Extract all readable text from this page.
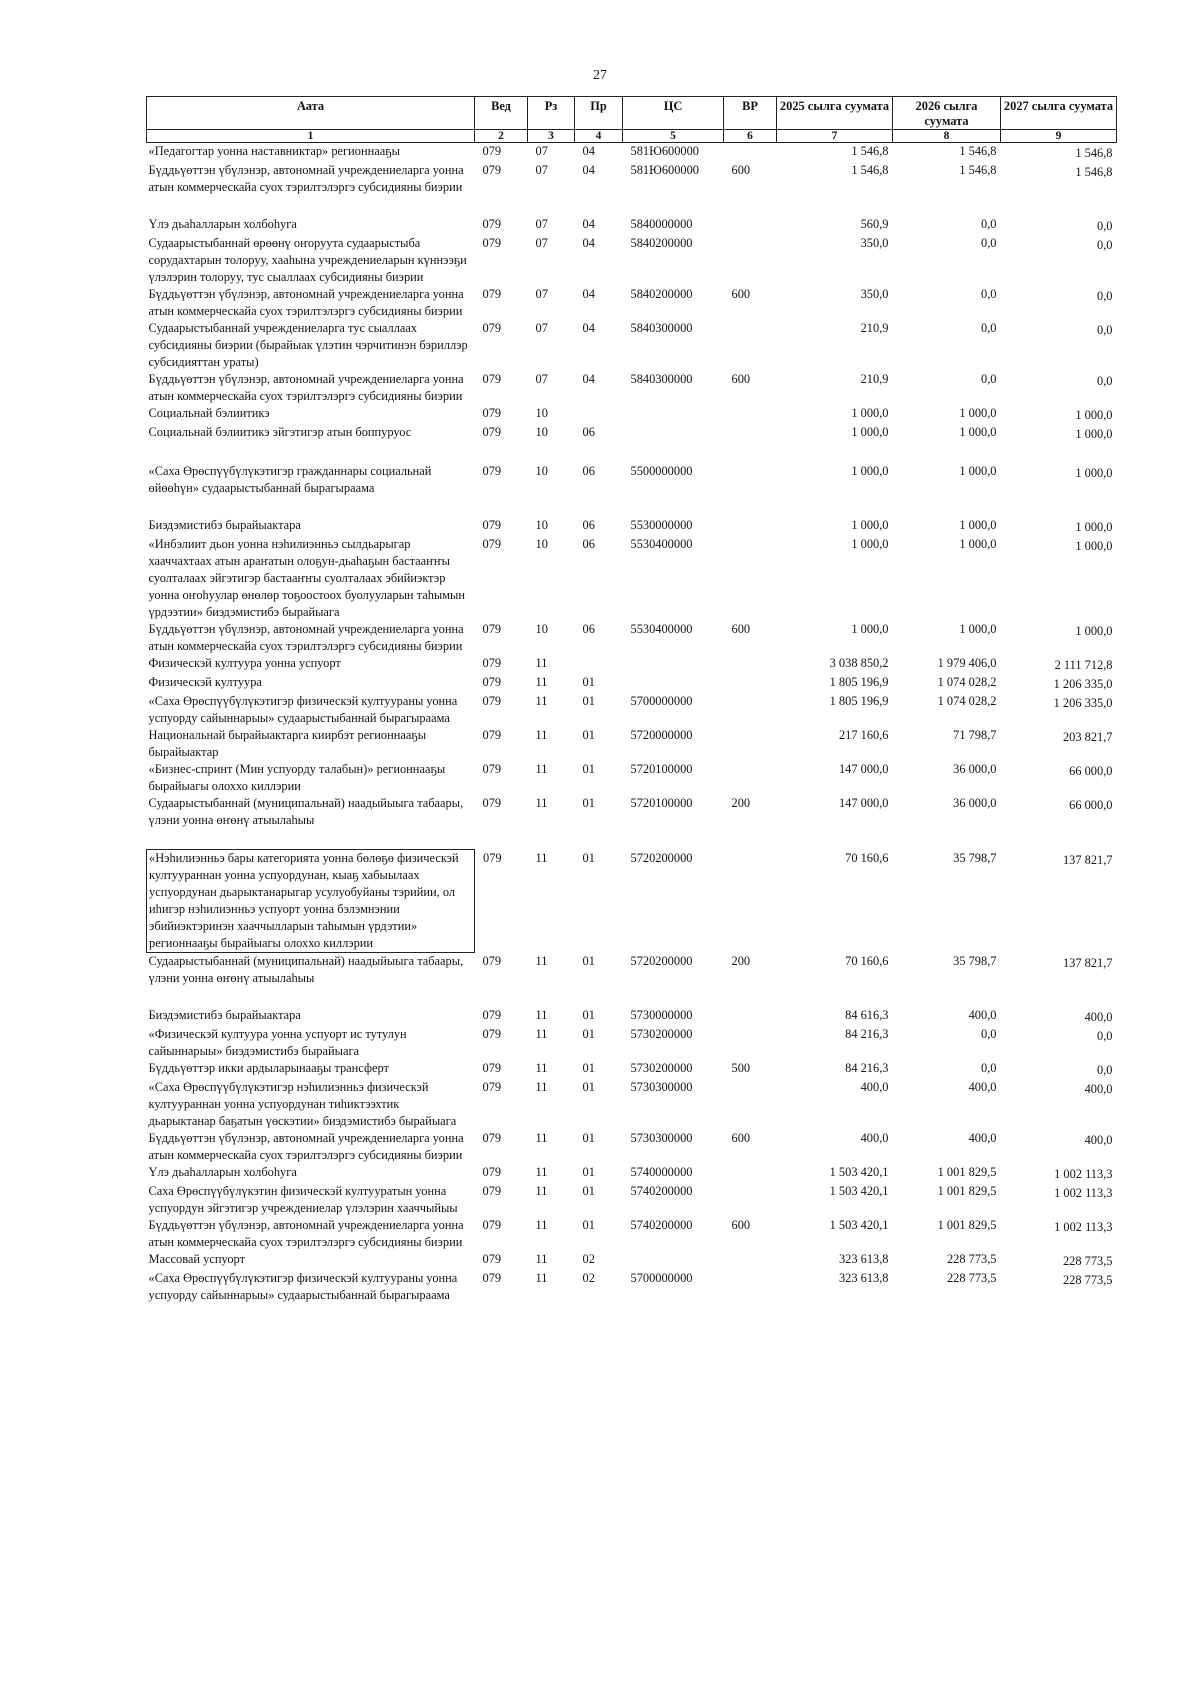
27
Аата	Вед	Рз	Пр	ЦС	ВР	2025 сылга суумата	2026 сылга суумата	2027 сылга суумата
1	2	3	4	5	6	7	8	9
«Педагогтар уонна наставниктар» регионнааҕы	079	07	04	581Ю600000		1 546,8	1 546,8	1 546,8
Бүддьүөттэн үбүлэнэр, автономнай учреждениеларга уонна атын коммерческайа суох тэрилтэлэргэ субсидияны биэрии	079	07	04	581Ю600000	600	1 546,8	1 546,8	1 546,8
Үлэ дьаһалларын холбоһуга	079	07	04	5840000000		560,9	0,0	0,0
Судаарыстыбаннай өрөөнү оҥоруута судаарыстыба сорудахтарын толоруу, хааһына учреждениеларын күннээҕи үлэлэрин толоруу, тус сыаллаах субсидияны биэрии	079	07	04	5840200000		350,0	0,0	0,0
Бүддьүөттэн үбүлэнэр, автономнай учреждениеларга уонна атын коммерческайа суох тэрилтэлэргэ субсидияны биэрии	079	07	04	5840200000	600	350,0	0,0	0,0
Судаарыстыбаннай учреждениеларга тус сыаллаах субсидияны биэрии (бырайыак үлэтин чэрчитинэн бэриллэр субсидияттан ураты)	079	07	04	5840300000		210,9	0,0	0,0
Бүддьүөттэн үбүлэнэр, автономнай учреждениеларга уонна атын коммерческайа суох тэрилтэлэргэ субсидияны биэрии	079	07	04	5840300000	600	210,9	0,0	0,0
Социальнай бэлиитикэ	079	10				1 000,0	1 000,0	1 000,0
Социальнай бэлиитикэ эйгэтигэр атын боппуруос	079	10	06			1 000,0	1 000,0	1 000,0
«Саха Өрөспүүбүлүкэтигэр гражданнары социальнай өйөөһүн» судаарыстыбаннай бырагыраама	079	10	06	5500000000		1 000,0	1 000,0	1 000,0
Биэдэмистибэ бырайыактара	079	10	06	5530000000		1 000,0	1 000,0	1 000,0
«Инбэлиит дьон уонна нэһилиэнньэ сылдьарыгар хааччахтаах атын араҥатын олоҕун-дьаһаҕын бастааҥҥы суолталаах эйгэтигэр бастааҥҥы суолталаах эбийиэктэр уонна оҥоһуулар өнөлөр тоҕоостоох буолууларын таһымын үрдээтии» биэдэмистибэ бырайыага	079	10	06	5530400000		1 000,0	1 000,0	1 000,0
Бүддьүөттэн үбүлэнэр, автономнай учреждениеларга уонна атын коммерческайа суох тэрилтэлэргэ субсидияны биэрии	079	10	06	5530400000	600	1 000,0	1 000,0	1 000,0
Физическэй култуура уонна успуорт	079	11				3 038 850,2	1 979 406,0	2 111 712,8
Физическэй култуура	079	11	01			1 805 196,9	1 074 028,2	1 206 335,0
«Саха Өрөспүүбүлүкэтигэр физическэй култуураны уонна успуорду сайыннарыы» судаарыстыбаннай бырагыраама	079	11	01	5700000000		1 805 196,9	1 074 028,2	1 206 335,0
Национальнай бырайыактарга киирбэт регионнааҕы бырайыактар	079	11	01	5720000000		217 160,6	71 798,7	203 821,7
«Бизнес-спринт (Мин успуорду талабын)» регионнааҕы бырайыагы олоххо киллэрии	079	11	01	5720100000		147 000,0	36 000,0	66 000,0
Судаарыстыбаннай (муниципальнай) наадыйыыга табаары, үлэни уонна өҥөнү атыылаһыы	079	11	01	5720100000	200	147 000,0	36 000,0	66 000,0
«Нэһилиэнньэ бары категориятa уонна бөлөҕө физическэй култуураннан уонна успуордунан, кыаҕ хабыылаах успуордунан дьарыктанарыгар усулуобуйаны тэрийии, ол иһигэр нэһилиэнньэ успуорт уонна бэлэмнэнии эбийиэктэринэн хааччылларын таһымын үрдэтии» регионнааҕы бырайыагы олоххо киллэрии	079	11	01	5720200000		70 160,6	35 798,7	137 821,7
Судаарыстыбаннай (муниципальнай) наадыйыыга табаары, үлэни уонна өҥөнү атыылаһыы	079	11	01	5720200000	200	70 160,6	35 798,7	137 821,7
Биэдэмистибэ бырайыактара	079	11	01	5730000000		84 616,3	400,0	400,0
«Физическэй култуура уонна успуорт ис тутулун сайыннарыы» биэдэмистибэ бырайыага	079	11	01	5730200000		84 216,3	0,0	0,0
Бүддьүөттэр икки ардыларынааҕы трансферт	079	11	01	5730200000	500	84 216,3	0,0	0,0
«Саха Өрөспүүбүлүкэтигэр нэһилиэнньэ физическэй култуураннан уонна успуордунан тиһиктээхтик дьарыктанар баҕатын үөскэтии» биэдэмистибэ бырайыага	079	11	01	5730300000		400,0	400,0	400,0
Бүддьүөттэн үбүлэнэр, автономнай учреждениеларга уонна атын коммерческайа суох тэрилтэлэргэ субсидияны биэрии	079	11	01	5730300000	600	400,0	400,0	400,0
Үлэ дьаһалларын холбоһуга	079	11	01	5740000000		1 503 420,1	1 001 829,5	1 002 113,3
Саха Өрөспүүбүлүкэтин физическэй култууратын уонна успуордун эйгэтигэр учреждениелар үлэлэрин хааччыйыы	079	11	01	5740200000		1 503 420,1	1 001 829,5	1 002 113,3
Бүддьүөттэн үбүлэнэр, автономнай учреждениеларга уонна атын коммерческайа суох тэрилтэлэргэ субсидияны биэрии	079	11	01	5740200000	600	1 503 420,1	1 001 829,5	1 002 113,3
Массовай успуорт	079	11	02			323 613,8	228 773,5	228 773,5
«Саха Өрөспүүбүлүкэтигэр физическэй култуураны уонна успуорду сайыннарыы» судаарыстыбаннай бырагыраама	079	11	02	5700000000		323 613,8	228 773,5	228 773,5
